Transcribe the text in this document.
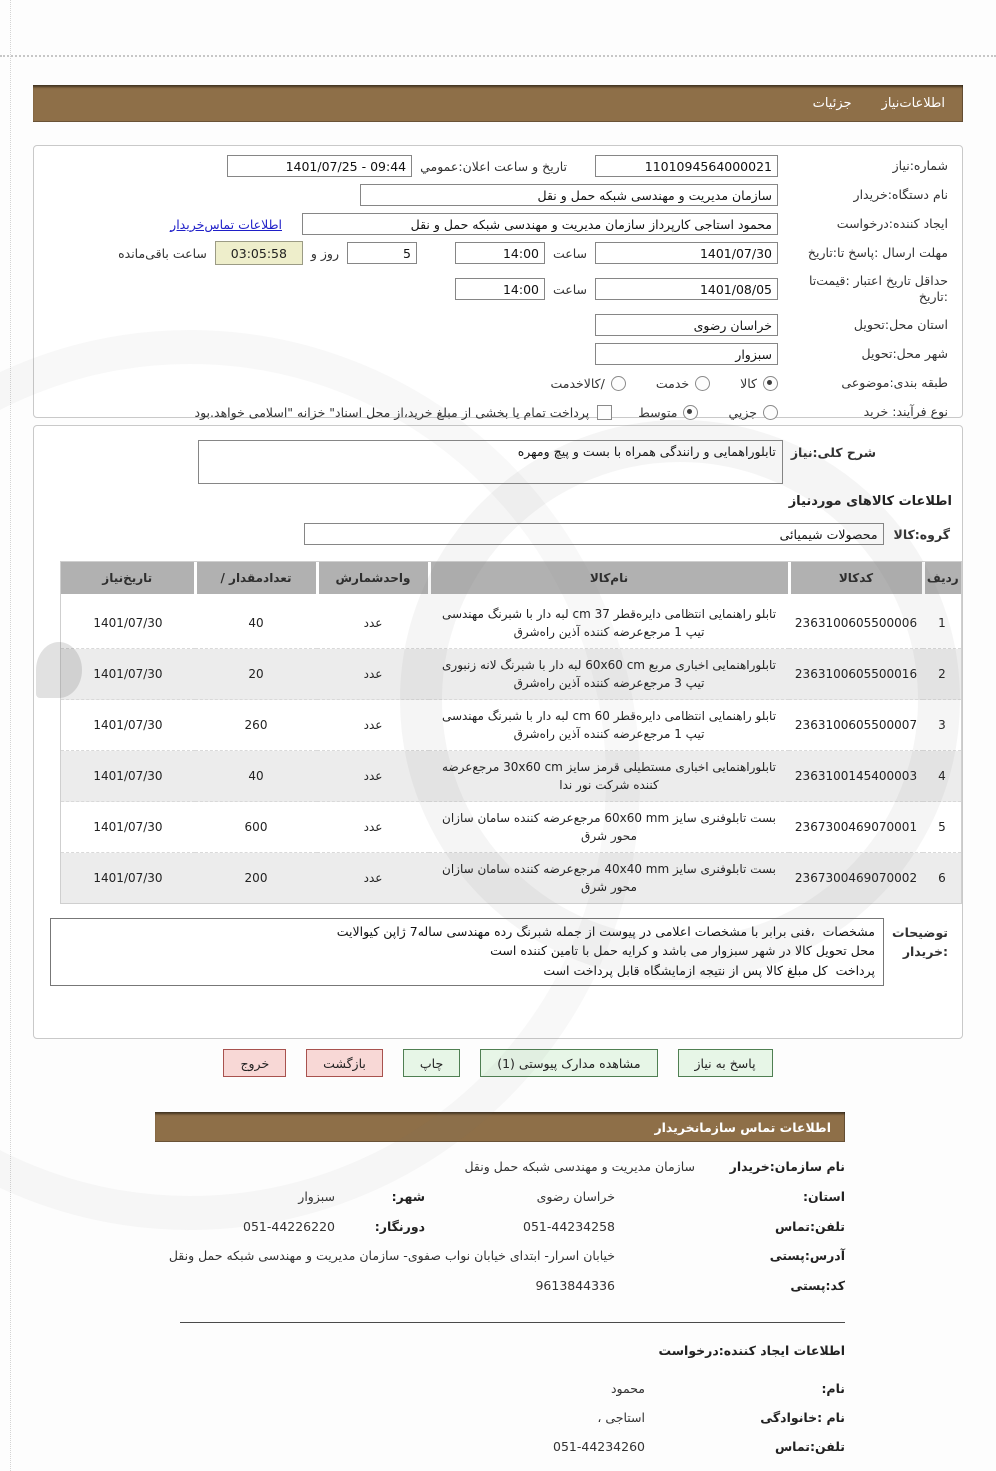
اطلاعات‌نیاز
جزئیات
شماره:نیاز
1101094564000021
تاریخ و ساعت اعلان:عمومي
09:44 - 1401/07/25
نام دستگاه:خریدار
سازمان مدیریت و مهندسی شبکه حمل و نقل
ایجاد کننده:درخواست
محمود استاجی کارپرداز سازمان مدیریت و مهندسی شبکه حمل و نقل
اطلاعات تماس‌خریدار
مهلت ارسال :پاسخ تا:تاریخ
1401/07/30
ساعت
14:00
5
روز و
03:05:58
ساعت باقی‌مانده
حداقل تاریخ اعتبار :قیمت‌تا :تاریخ
1401/08/05
ساعت
14:00
استان محل:تحویل
خراسان رضوی
شهر محل:تحویل
سبزوار
طبقه بندی:موضوعی
کالا
خدمت
/کالاخدمت
نوع فرآیند: خرید
جزيي
متوسط
پرداخت تمام یا بخشی از مبلغ خرید،از محل اسناد" خزانه "اسلامی خواهد.بود
شرح کلی:نیاز
تابلوراهمایی و رانندگی همراه با بست و پیچ ومهره
اطلاعات کالاهای موردنیاز
گروه:کالا
محصولات شیمیائی
ردیف	کدکالا	نام‌کالا	واحدشمارش	تعدادمقدار /	تاریخ‌نیاز
1	2363100605500006	تابلو راهنمایی انتظامی دایره‌قطر 37 cm لبه دار با شبرنگ مهندسی تیپ 1 مرجع‌عرضه کننده آذین راه‌شرق	عدد	40	1401/07/30
2	2363100605500016	تابلوراهنمایی اخباری مربع 60x60 cm لبه دار با شبرنگ لانه زنبوری تیپ 3 مرجع‌عرضه کننده آذین راه‌شرق	عدد	20	1401/07/30
3	2363100605500007	تابلو راهنمایی انتظامی دایره‌قطر 60 cm لبه دار با شبرنگ مهندسی تیپ 1 مرجع‌عرضه کننده آذین راه‌شرق	عدد	260	1401/07/30
4	2363100145400003	تابلوراهنمایی اخباری مستطیلی قرمز سایز 30x60 cm مرجع‌عرضه کننده شرکت نور ندا	عدد	40	1401/07/30
5	2367300469070001	بست تابلوفنری سایز 60x60 mm مرجع‌عرضه کننده سامان سازان محور شرق	عدد	600	1401/07/30
6	2367300469070002	بست تابلوفنری سایز 40x40 mm مرجع‌عرضه کننده سامان سازان محور شرق	عدد	200	1401/07/30
توضیحات :خریدار
مشخصات ،فنی برابر با مشخصات اعلامی در پیوست از جمله شبرنگ رده مهندسی ساله7 ژاپن کیوالایت محل تحویل کالا در شهر سبزوار می باشد و کرایه حمل با تامین کننده است پرداخت کل مبلغ کالا پس از نتیجه ازمایشگاه قابل پرداخت است
پاسخ به نیاز
مشاهده مدارک پیوستی (1)
چاپ
بازگشت
خروج
اطلاعات تماس سازمانخریدار
نام سازمان:خریدار
سازمان مدیریت و مهندسی شبکه حمل ونقل
استان:
خراسان رضوی
شهر:
سبزوار
تلفن:تماس
051-44234258
دورنگار:
051-44226220
آدرس:پستی
خیابان اسرار- ابتدای خیابان نواب صفوی- سازمان مدیریت و مهندسی شبکه حمل ونقل
کد:پستی
9613844336
اطلاعات ایجاد کننده:درخواست
نام:
محمود
نام :خانوادگی
استاجی ،
تلفن:تماس
051-44234260
